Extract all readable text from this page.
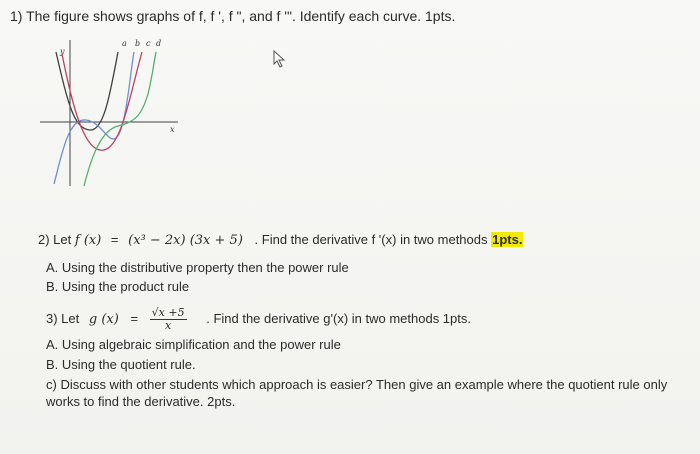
1) The figure shows graphs of f, f ', f ", and f '". Identify each curve. 1pts.
y
x
a b c d
2) Let f (x) = (x³ − 2x) (3x + 5) . Find the derivative f '(x) in two methods 1pts.
A. Using the distributive property then the power rule
B. Using the product rule
3) Let g $(x) = \frac{√x +5}{x}$ . Find the derivative g'(x) in two methods 1pts.
A. Using algebraic simplification and the power rule
B. Using the quotient rule.
c) Discuss with other students which approach is easier? Then give an example where the quotient rule only works to find the derivative. 2pts.
